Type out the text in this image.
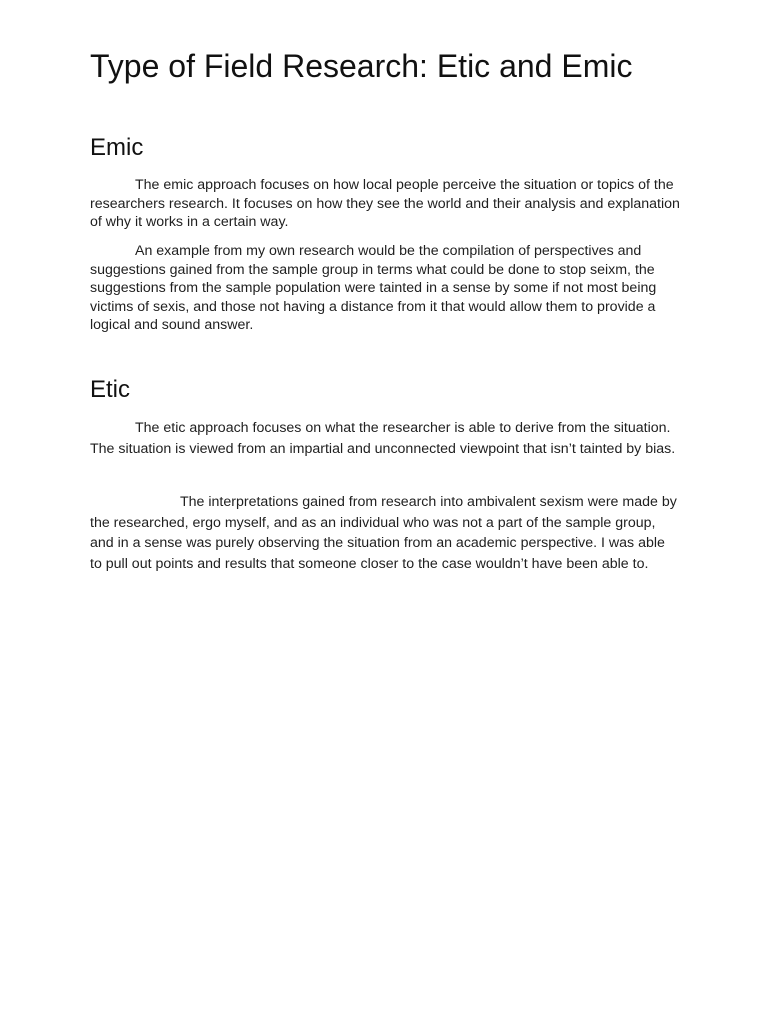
Type of Field Research: Etic and Emic
Emic

The emic approach focuses on how local people perceive the situation or topics of the researchers research. It focuses on how they see the world and their analysis and explanation of why it works in a certain way.

An example from my own research would be the compilation of perspectives and suggestions gained from the sample group in terms what could be done to stop seixm, the suggestions from the sample population were tainted in a sense by some if not most being victims of sexis, and those not having a distance from it that would allow them to provide a logical and sound answer.

Etic

The etic approach focuses on what the researcher is able to derive from the situation. The situation is viewed from an impartial and unconnected viewpoint that isn’t tainted by bias.

The interpretations gained from research into ambivalent sexism were made by the researched, ergo myself, and as an individual who was not a part of the sample group, and in a sense was purely observing the situation from an academic perspective. I was able to pull out points and results that someone closer to the case wouldn’t have been able to.
